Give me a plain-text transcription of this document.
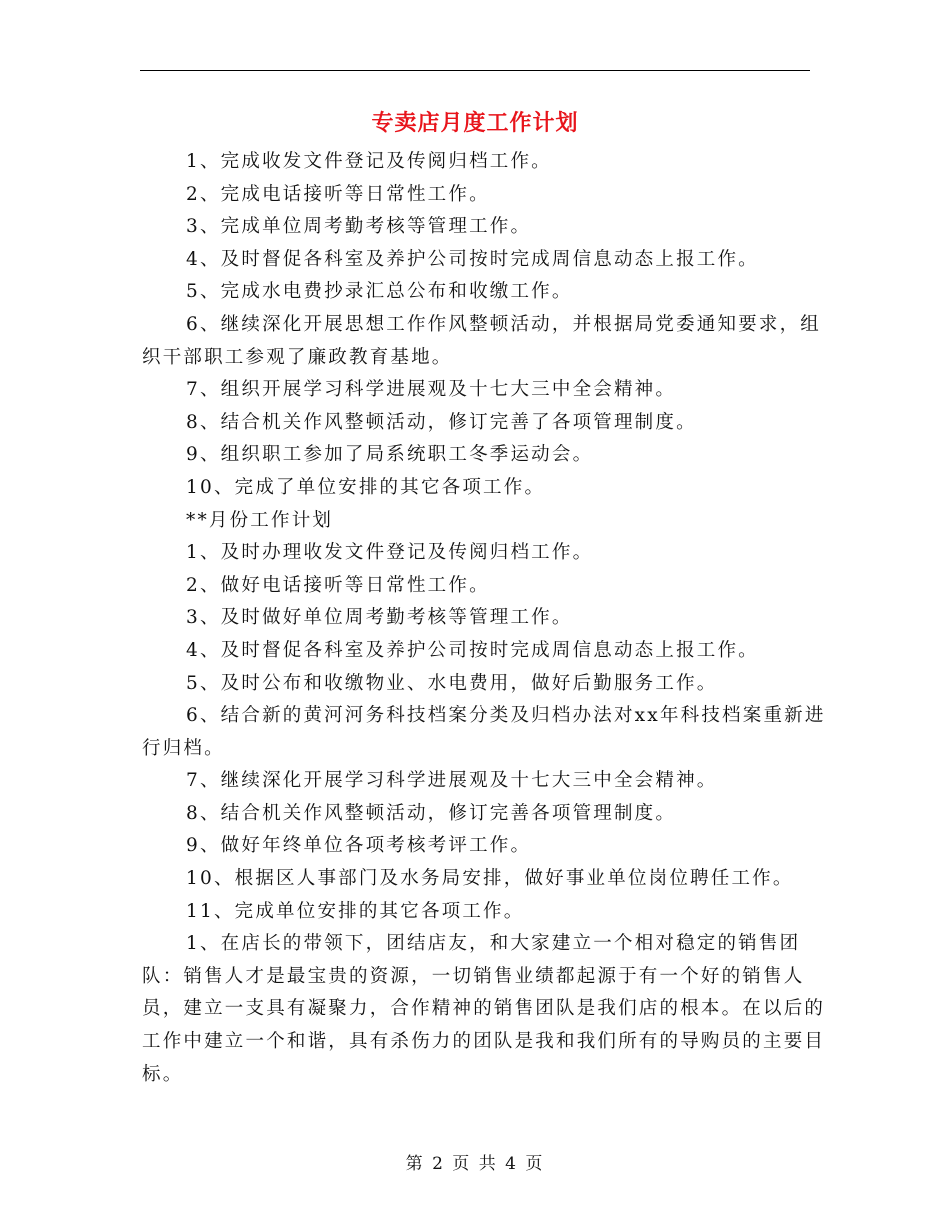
专卖店月度工作计划

1、完成收发文件登记及传阅归档工作。

2、完成电话接听等日常性工作。

3、完成单位周考勤考核等管理工作。

4、及时督促各科室及养护公司按时完成周信息动态上报工作。

5、完成水电费抄录汇总公布和收缴工作。

6、继续深化开展思想工作作风整顿活动，并根据局党委通知要求，组织干部职工参观了廉政教育基地。

7、组织开展学习科学进展观及十七大三中全会精神。

8、结合机关作风整顿活动，修订完善了各项管理制度。

9、组织职工参加了局系统职工冬季运动会。

10、完成了单位安排的其它各项工作。

**月份工作计划

1、及时办理收发文件登记及传阅归档工作。

2、做好电话接听等日常性工作。

3、及时做好单位周考勤考核等管理工作。

4、及时督促各科室及养护公司按时完成周信息动态上报工作。

5、及时公布和收缴物业、水电费用，做好后勤服务工作。

6、结合新的黄河河务科技档案分类及归档办法对xx年科技档案重新进行归档。

7、继续深化开展学习科学进展观及十七大三中全会精神。

8、结合机关作风整顿活动，修订完善各项管理制度。

9、做好年终单位各项考核考评工作。

10、根据区人事部门及水务局安排，做好事业单位岗位聘任工作。

11、完成单位安排的其它各项工作。

1、在店长的带领下，团结店友，和大家建立一个相对稳定的销售团队：销售人才是最宝贵的资源，一切销售业绩都起源于有一个好的销售人员，建立一支具有凝聚力，合作精神的销售团队是我们店的根本。在以后的工作中建立一个和谐，具有杀伤力的团队是我和我们所有的导购员的主要目标。

第 2 页 共 4 页
